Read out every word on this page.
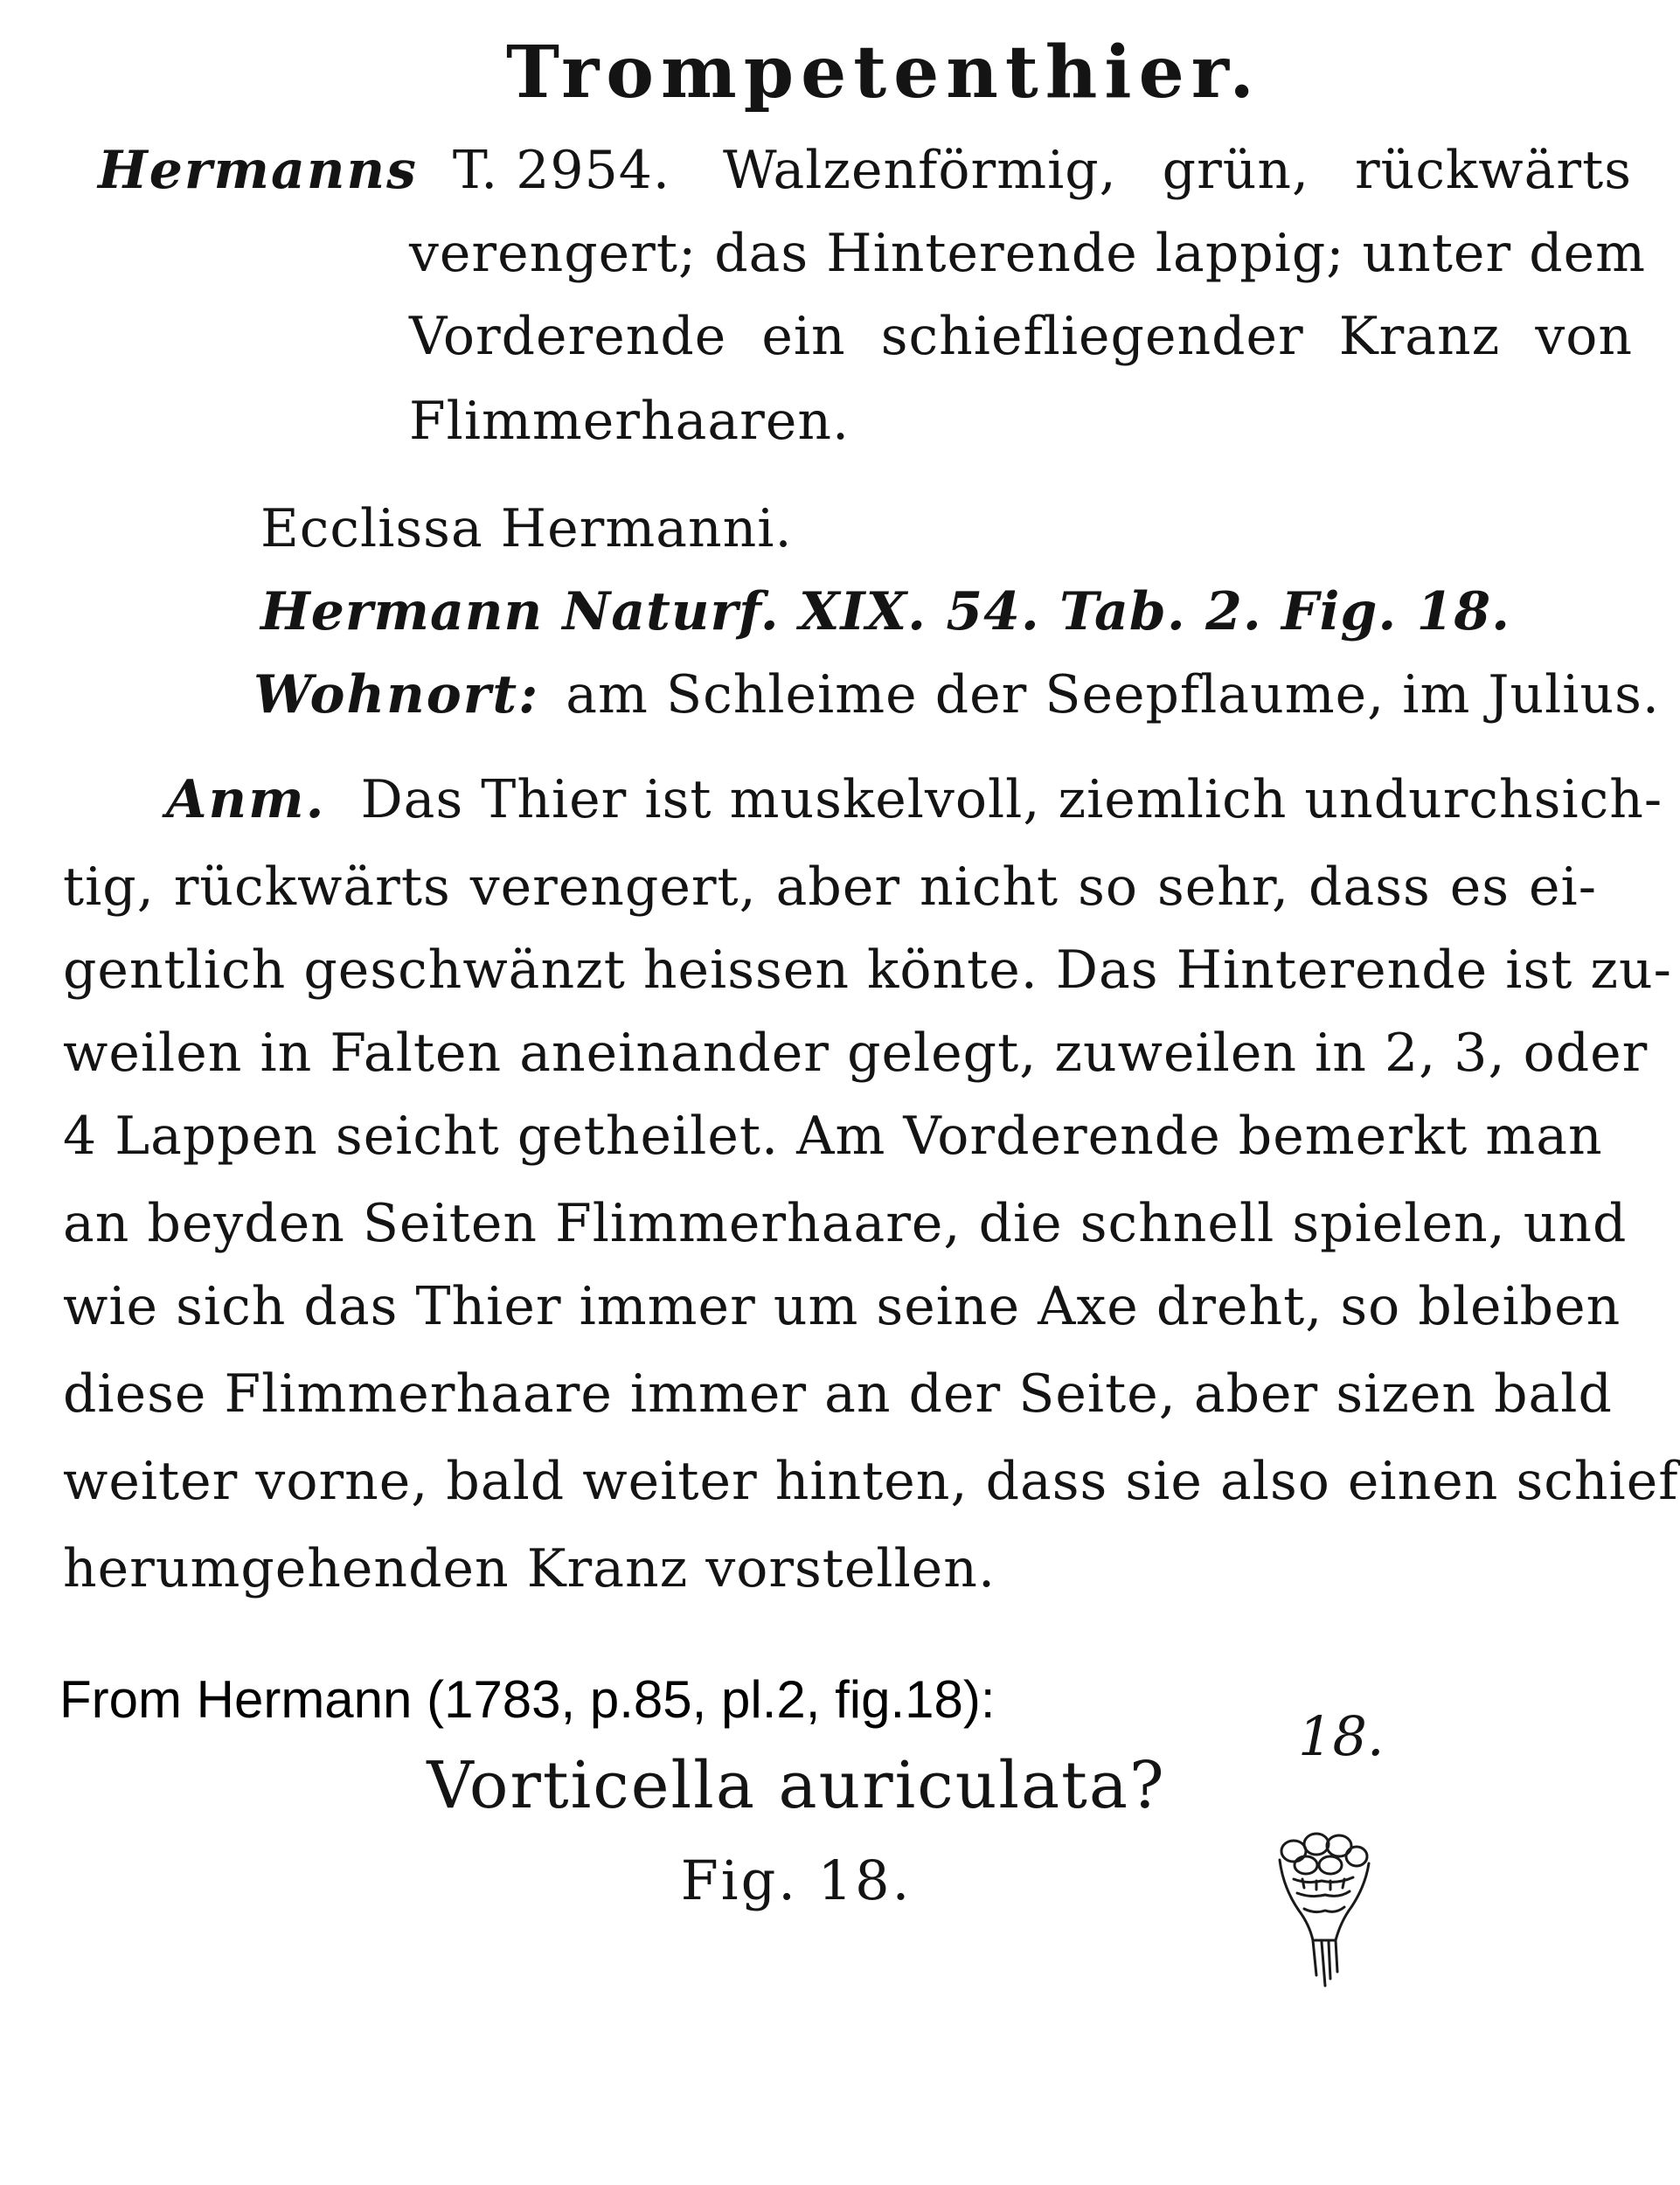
Trompetenthier.
Hermanns T. 2954. Walzenförmig, grün, rückwärts
verengert; das Hinterende lappig; unter dem
Vorderende ein schiefliegender Kranz von
Flimmerhaaren.
Ecclissa Hermanni.
Hermann Naturf. XIX. 54. Tab. 2. Fig. 18.
Wohnort: am Schleime der Seepflaume, im Julius.
Anm. Das Thier ist muskelvoll, ziemlich undurchsich-
tig, rückwärts verengert, aber nicht so sehr, dass es ei-
gentlich geschwänzt heissen könte. Das Hinterende ist zu-
weilen in Falten aneinander gelegt, zuweilen in 2, 3, oder
4 Lappen seicht getheilet. Am Vorderende bemerkt man
an beyden Seiten Flimmerhaare, die schnell spielen, und
wie sich das Thier immer um seine Axe dreht, so bleiben
diese Flimmerhaare immer an der Seite, aber sizen bald
weiter vorne, bald weiter hinten, dass sie also einen schief
herumgehenden Kranz vorstellen.
From Hermann (1783, p.85, pl.2, fig.18):
18.
Vorticella auriculata?
Fig. 18.
